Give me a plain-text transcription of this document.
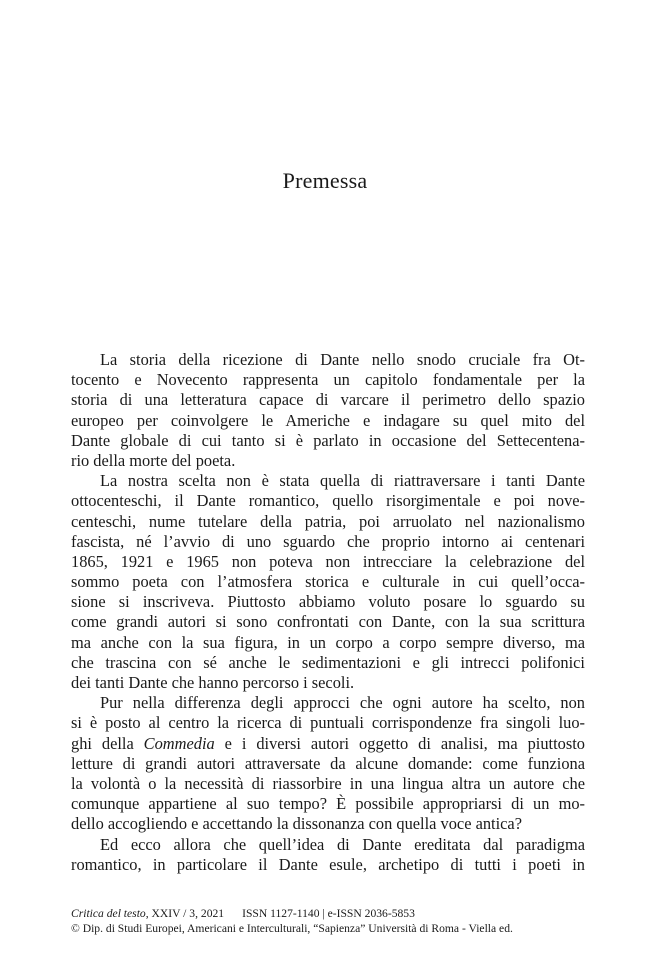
Premessa
La storia della ricezione di Dante nello snodo cruciale fra Ot-
tocento e Novecento rappresenta un capitolo fondamentale per la
storia di una letteratura capace di varcare il perimetro dello spazio
europeo per coinvolgere le Americhe e indagare su quel mito del
Dante globale di cui tanto si è parlato in occasione del Settecentena-
rio della morte del poeta.
La nostra scelta non è stata quella di riattraversare i tanti Dante
ottocenteschi, il Dante romantico, quello risorgimentale e poi nove-
centeschi, nume tutelare della patria, poi arruolato nel nazionalismo
fascista, né l’avvio di uno sguardo che proprio intorno ai centenari
1865, 1921 e 1965 non poteva non intrecciare la celebrazione del
sommo poeta con l’atmosfera storica e culturale in cui quell’occa-
sione si inscriveva. Piuttosto abbiamo voluto posare lo sguardo su
come grandi autori si sono confrontati con Dante, con la sua scrittura
ma anche con la sua figura, in un corpo a corpo sempre diverso, ma
che trascina con sé anche le sedimentazioni e gli intrecci polifonici
dei tanti Dante che hanno percorso i secoli.
Pur nella differenza degli approcci che ogni autore ha scelto, non
si è posto al centro la ricerca di puntuali corrispondenze fra singoli luo-
ghi della Commedia e i diversi autori oggetto di analisi, ma piuttosto
letture di grandi autori attraversate da alcune domande: come funziona
la volontà o la necessità di riassorbire in una lingua altra un autore che
comunque appartiene al suo tempo? È possibile appropriarsi di un mo-
dello accogliendo e accettando la dissonanza con quella voce antica?
Ed ecco allora che quell’idea di Dante ereditata dal paradigma
romantico, in particolare il Dante esule, archetipo di tutti i poeti in
Critica del testo, XXIV / 3, 2021 ISSN 1127-1140 | e-ISSN 2036-5853
© Dip. di Studi Europei, Americani e Interculturali, “Sapienza” Università di Roma - Viella ed.
